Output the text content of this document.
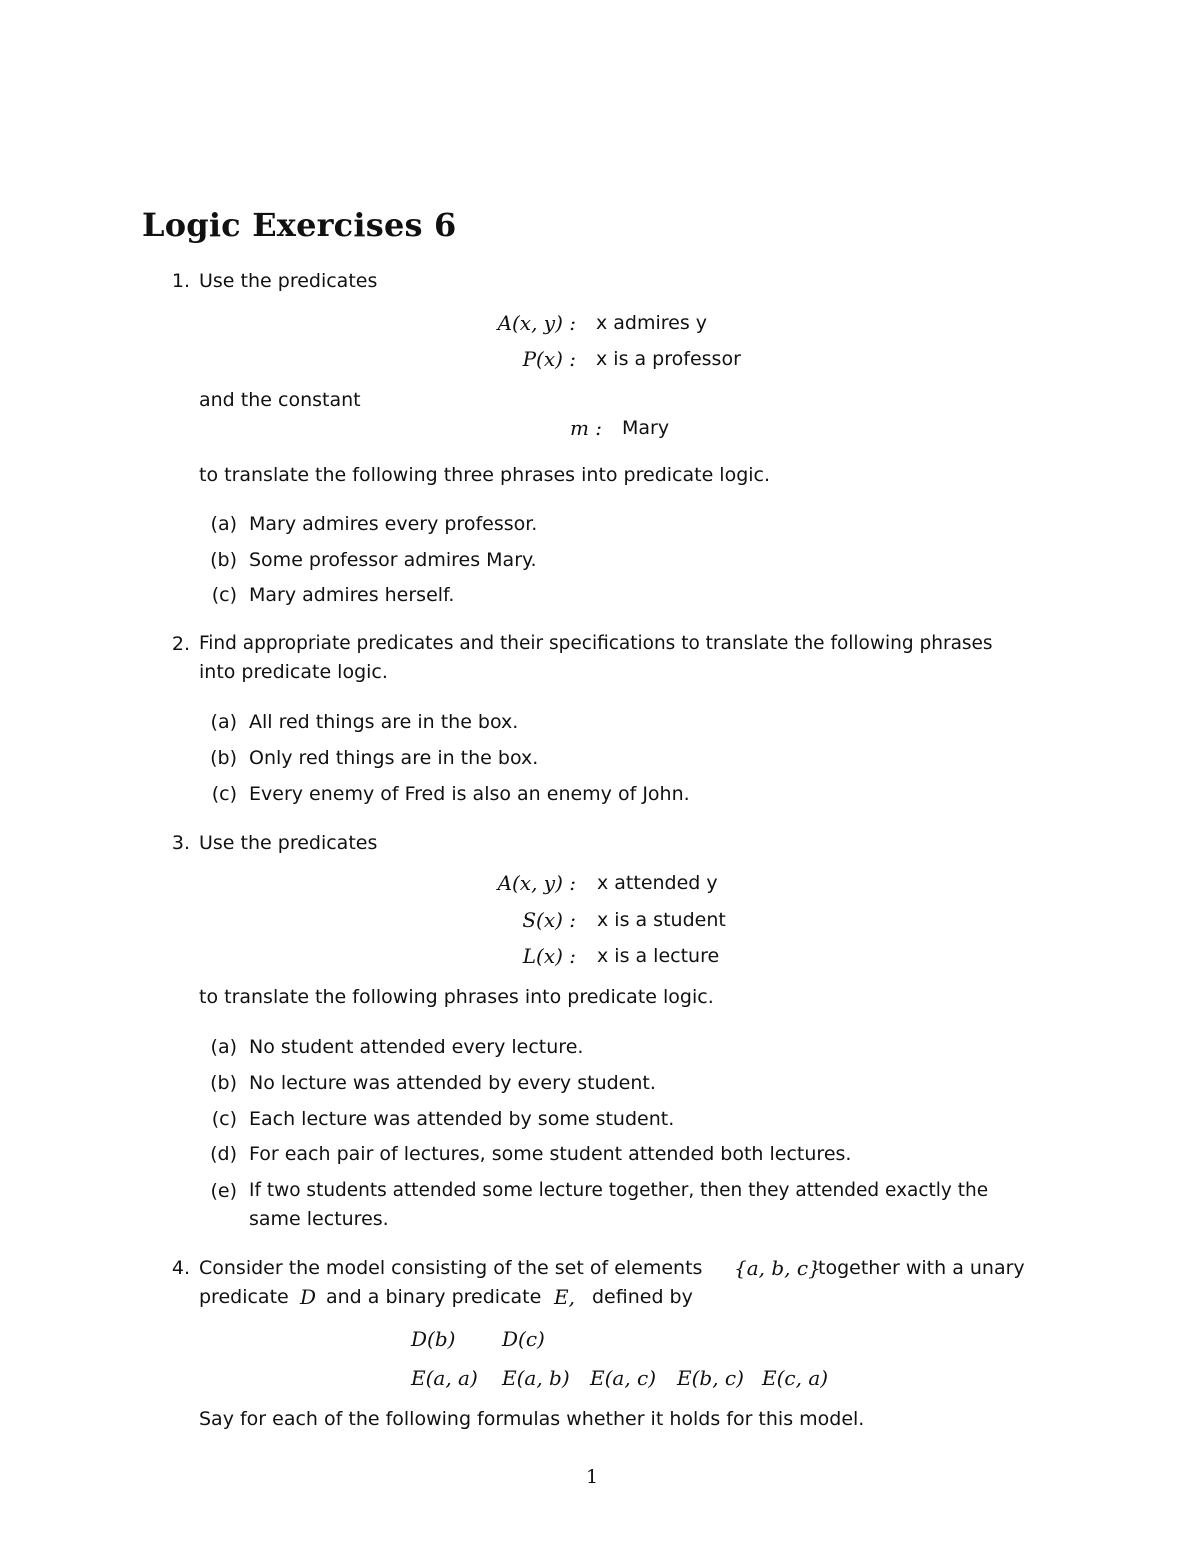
Logic Exercises 6
1. Use the predicates
A(x, y) : x admires y
P(x) : x is a professor
and the constant
m : Mary
to translate the following three phrases into predicate logic.
(a) Mary admires every professor.
(b) Some professor admires Mary.
(c) Mary admires herself.
2. Find appropriate predicates and their specifications to translate the following phrases
into predicate logic.
(a) All red things are in the box.
(b) Only red things are in the box.
(c) Every enemy of Fred is also an enemy of John.
3. Use the predicates
A(x, y) : x attended y
S(x) : x is a student
L(x) : x is a lecture
to translate the following phrases into predicate logic.
(a) No student attended every lecture.
(b) No lecture was attended by every student.
(c) Each lecture was attended by some student.
(d) For each pair of lectures, some student attended both lectures.
(e) If two students attended some lecture together, then they attended exactly the
same lectures.
4. Consider the model consisting of the set of elements {a, b, c}
together with a unary
predicate D and a binary predicate E, defined by
D(b) D(c)
E(a, a) E(a, b) E(a, c) E(b, c) E(c, a)
Say for each of the following formulas whether it holds for this model.
1
